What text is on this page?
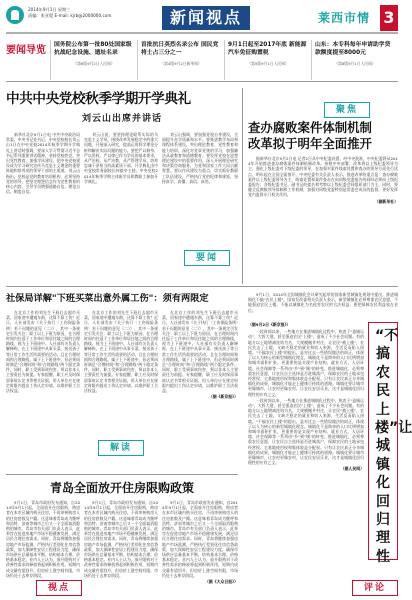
2014年9月1日 星期三
责编：张亚缇 E-mail: kjrb@2000000.com	新闻视点	莱西市情 3
要闻导览 国务院公布第一批80处国家级抗战纪念设施、遗址名录
（第6版9月2日人民网）
首批抗日英烈名录公布 国民党将士占三分之一
（第4版9月2日新华网）
9月1日起至2017年底 新能源汽车免征购置税
（第5版9月1日人民网）
山东：本专科每年申请助学贷款额度提至8000元
（第8版9月1日人民网）
中共中央党校秋季学期开学典礼
刘云山出席并讲话

新华社北京9月1日电 中共中央政治局常委、中央书记处书记、中央党校校长刘云山1日在中央党校2014年秋季学期开学典礼上讲话时强调，要深入学习贯彻习近平总书记系列重要讲话精神，坚持党校姓党，突出党性教育，加强学风建设，把中央党校建设成为学习研究宣传马克思主义理论的重要阵地和培养党的领导干部的主渠道。刘云山指出，党校是党的教育培训机构，必须坚持党的领导，把坚定理想信念作为党性教育的核心内容，引导学员增强道路自信、理论自信、制度自信。

刘云山说，要坚持理论联系实际的马克思主义学风，围绕改革发展稳定中的重大问题，开展深入研究，提高运用科学理论分析和解决实际问题的能力。要把严以修身、严以用权、严以律己作为学员的基本要求，从严治校、从严治教、从严管理学员，培养忠诚干净担当的高素质干部。开学典礼由中央党校常务副校长何毅亭主持。中央党校2014年秋季学期主体班学员和教职工参加开学典礼。

刘云山强调，要加强党校自身建设，全面提升办学质量和水平。要推进教学布局和课程体系建设，突出理论教育、党性教育和能力培训，深化对党章党规的学习，加强廉洁从政教育和道德教育。要发挥党校在思想理论建设中的重要作用，深入开展理论研究和决策咨询服务，为党和国家工作大局贡献智慧。要以作风建设为重点，切实抓好教职工队伍建设，严格执行党的纪律和规矩，坚持真学、真懂、真信、真用。

要闻
聚焦
查办腐败案件体制机制
改革拟于明年全面推开

据新华社北京9月2日电 记者2日从中央纪委获悉，经中央批准，中央纪委将从2014年开始推进查办腐败案件体制机制改革。按照中央部署，改革将以上级纪委领导为主，强化上级纪委对下级纪委的领导，在加强对案件线索处置和查办的领导方面先行试点，明年起在全国全面推开。中央纪委有关负责人表示，推进改革的重点是：查办腐败案件以上级纪委领导为主，线索处置和案件查办在向同级党委报告的同时必须向上级纪委报告；各级纪委书记、副书记的提名和考察以上级纪委会同组织部门为主。同时，要健全反腐败领导体制和工作机制，加强对同级党委特别是常委会成员的监督，更好发挥党内监督专门机关作用。

（据新华社）
社保局详解"下班买菜出意外属工伤"：须有两限定

在北京工作的刘先生下班后去超市买菜，回家途中遭遇车祸，这算不算工伤？近日，人社部发布《关于执行〈工伤保险条例〉若干问题的意见（二）》，其中一条规定引发关注：职工以上下班为原因，在合理时间内往返于工作单位和居住地之间的合理路线，视为上下班途中。人社部有关负责人解释称，在上下班途中从事买菜、接送孩子等日常工作生活所需要的活动，且在合理时间和合理路线，属于上下班途中，但必须同时满足"合理时间"和"合理路线"两个限定条件。同时，职工受到事故伤害，须以非本人主要责任为前提。专家提醒，职工应及时保留事故认定书等相关证据，用人单位应在规定时限内提出工伤认定申请，以维护职工合法权益。

在北京工作的刘先生下班后去超市买菜，回家途中遭遇车祸，这算不算工伤？近日，人社部发布《关于执行〈工伤保险条例〉若干问题的意见（二）》，其中一条规定引发关注：职工以上下班为原因，在合理时间内往返于工作单位和居住地之间的合理路线，视为上下班途中。人社部有关负责人解释称，在上下班途中从事买菜、接送孩子等日常工作生活所需要的活动，且在合理时间和合理路线，属于上下班途中，但必须同时满足"合理时间"和"合理路线"两个限定条件。同时，职工受到事故伤害，须以非本人主要责任为前提。专家提醒，职工应及时保留事故认定书等相关证据，用人单位应在规定时限内提出工伤认定申请，以维护职工合法权益。

在北京工作的刘先生下班后去超市买菜，回家途中遭遇车祸，这算不算工伤？近日，人社部发布《关于执行〈工伤保险条例〉若干问题的意见（二）》，其中一条规定引发关注：职工以上下班为原因，在合理时间内往返于工作单位和居住地之间的合理路线，视为上下班途中。人社部有关负责人解释称，在上下班途中从事买菜、接送孩子等日常工作生活所需要的活动，且在合理时间和合理路线，属于上下班途中，但必须同时满足"合理时间"和"合理路线"两个限定条件。同时，职工受到事故伤害，须以非本人主要责任为前提。专家提醒，职工应及时保留事故认定书等相关证据，用人单位应在规定时限内提出工伤认定申请，以维护职工合法权益。

（据《新京报》）
解读
青岛全面放开住房限购政策

9月1日，青岛市政府发布通知，自2014年9月1日起，全面放开住房限购，购房者在本市区域内购买住房，不再审核购房人的住房套数及户籍。这意味着青岛成为继呼和浩特、济南等城市之后又一个全面取消限购的城市。青岛市有关部门负责人表示，此举旨在促进房地产市场平稳健康发展，满足居民合理住房需求。同时，青岛将继续加强房地产市场监测，严格执行差别化住房信贷政策，加大保障性安居工程建设力度，确保市场供应总量基本平衡、结构基本合理、价格基本稳定。业内人士认为，放开限购对于改善性需求的释放将起到积极作用，短期内成交量有望回升，但房价上涨空间有限，市场仍处于去库存阶段。

9月1日，青岛市政府发布通知，自2014年9月1日起，全面放开住房限购，购房者在本市区域内购买住房，不再审核购房人的住房套数及户籍。这意味着青岛成为继呼和浩特、济南等城市之后又一个全面取消限购的城市。青岛市有关部门负责人表示，此举旨在促进房地产市场平稳健康发展，满足居民合理住房需求。同时，青岛将继续加强房地产市场监测，严格执行差别化住房信贷政策，加大保障性安居工程建设力度，确保市场供应总量基本平衡、结构基本合理、价格基本稳定。业内人士认为，放开限购对于改善性需求的释放将起到积极作用，短期内成交量有望回升，但房价上涨空间有限，市场仍处于去库存阶段。

9月1日，青岛市政府发布通知，自2014年9月1日起，全面放开住房限购，购房者在本市区域内购买住房，不再审核购房人的住房套数及户籍。这意味着青岛成为继呼和浩特、济南等城市之后又一个全面取消限购的城市。青岛市有关部门负责人表示，此举旨在促进房地产市场平稳健康发展，满足居民合理住房需求。同时，青岛将继续加强房地产市场监测，严格执行差别化住房信贷政策，加大保障性安居工程建设力度，确保市场供应总量基本平衡、结构基本合理、价格基本稳定。业内人士认为，放开限购对于改善性需求的释放将起到积极作用，短期内成交量有望回升，但房价上涨空间有限，市场仍处于去库存阶段。

（据《大众日报》）
视点

9月1日，2014年全国城镇化会议研究起草的国家新型城镇化规划中提出，推进城镇化不搞"农民上楼"。国家发改委相关负责人表示，新型城镇化必须尊重农民意愿，不能强迫农民上楼，不能以城镇化为名侵害农民的合法权益，要把保障农民利益放在首位。

（据9月2日《新京报》）

一段时间以来，一些地方在推进城镇化过程中，热衷于"造城运动"，大拆大建，甚至强迫农民"上楼"，造成了不少社会问题。有的地方以土地增减挂钩为名，大规模撤并村庄，让农民"被上楼"，农民失去了土地，又缺乏稳定的就业和收入来源，生活反而陷入困境。"不搞农民上楼"的提出，是对过去一些错误做法的纠正，体现了以人为核心的新型城镇化理念。城镇化不是简单的人口比例增加和城市面积扩张，更重要的是实现产业结构、就业方式、人居环境、社会保障等一系列由"乡"到"城"的转变。推进城镇化，必须尊重农民意愿，让农民自主选择是否进城落户，保障农民的土地承包经营权、宅基地使用权和集体收益分配权。只有让农民真正分享城镇化的成果，城镇化才能走上健康可持续的道路。城镇化要让城市更像城市，让农村更像农村，让农民安居乐业，这才是城镇化回归理性的应有之义。

一段时间以来，一些地方在推进城镇化过程中，热衷于"造城运动"，大拆大建，甚至强迫农民"上楼"，造成了不少社会问题。有的地方以土地增减挂钩为名，大规模撤并村庄，让农民"被上楼"，农民失去了土地，又缺乏稳定的就业和收入来源，生活反而陷入困境。"不搞农民上楼"的提出，是对过去一些错误做法的纠正，体现了以人为核心的新型城镇化理念。城镇化不是简单的人口比例增加和城市面积扩张，更重要的是实现产业结构、就业方式、人居环境、社会保障等一系列由"乡"到"城"的转变。推进城镇化，必须尊重农民意愿，让农民自主选择是否进城落户，保障农民的土地承包经营权、宅基地使用权和集体收益分配权。只有让农民真正分享城镇化的成果，城镇化才能走上健康可持续的道路。城镇化要让城市更像城市，让农村更像农村，让农民安居乐业，这才是城镇化回归理性的应有之义。

（据人民网）
“不搞农民上楼”让城镇化回归理性
评论
